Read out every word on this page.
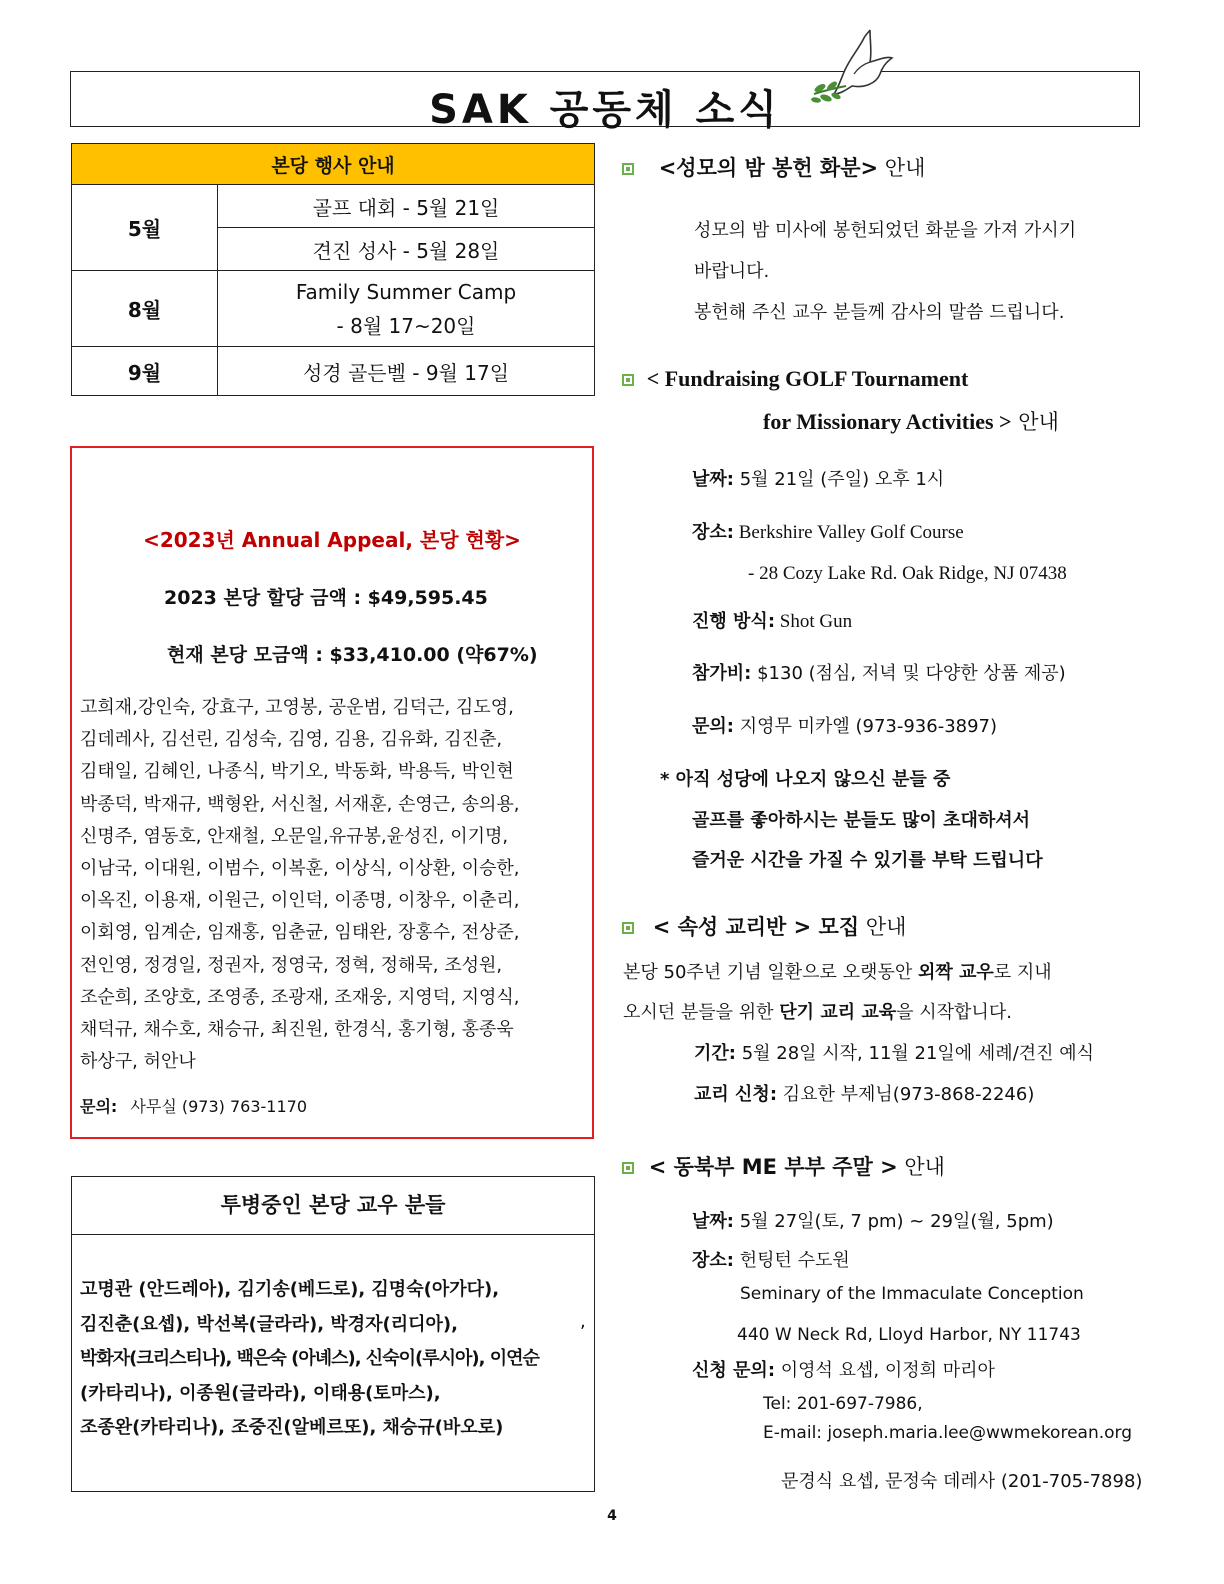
SAK 공동체 소식
본당 행사 안내	
5월	골프 대회 - 5월 21일
	견진 성사 - 5월 28일
8월	Family Summer Camp
- 8월 17~20일

9월	성경 골든벨 - 9월 17일
<2023년 Annual Appeal, 본당 현황>
2023 본당 할당 금액 : $49,595.45
현재 본당 모금액 : $33,410.00 (약67%)
고희재,강인숙, 강효구, 고영봉, 공운범, 김덕근, 김도영,
김데레사, 김선린, 김성숙, 김영, 김용, 김유화, 김진춘,
김태일, 김혜인, 나종식, 박기오, 박동화, 박용득, 박인현
박종덕, 박재규, 백형완, 서신철, 서재훈, 손영근, 송의용,
신명주, 염동호, 안재철, 오문일,유규봉,윤성진, 이기명,
이남국, 이대원, 이범수, 이복훈, 이상식, 이상환, 이승한,
이옥진, 이용재, 이원근, 이인덕, 이종명, 이창우, 이춘리,
이회영, 임계순, 임재홍, 임춘균, 임태완, 장홍수, 전상준,
전인영, 정경일, 정권자, 정영국, 정혁, 정해묵, 조성원,
조순희, 조양호, 조영종, 조광재, 조재웅, 지영덕, 지영식,
채덕규, 채수호, 채승규, 최진원, 한경식, 홍기형, 홍종욱
하상구, 허안나
문의: 사무실 (973) 763-1170
투병중인 본당 교우 분들
고명관 (안드레아), 김기송(베드로), 김명숙(아가다),
김진춘(요셉), 박선복(글라라), 박경자(리디아),
박화자(크리스티나), 백은숙 (아녜스), 신숙이(루시아), 이연순
(카타리나), 이종원(글라라), 이태용(토마스),
조종완(카타리나), 조중진(알베르또), 채승규(바오로)
,
<성모의 밤 봉헌 화분> 안내
성모의 밤 미사에 봉헌되었던 화분을 가져 가시기
바랍니다.
봉헌해 주신 교우 분들께 감사의 말씀 드립니다.
< Fundraising GOLF Tournament
for Missionary Activities > 안내
날짜: 5월 21일 (주일) 오후 1시
장소: Berkshire Valley Golf Course
- 28 Cozy Lake Rd. Oak Ridge, NJ 07438
진행 방식: Shot Gun
참가비: $130 (점심, 저녁 및 다양한 상품 제공)
문의: 지영무 미카엘 (973-936-3897)
* 아직 성당에 나오지 않으신 분들 중
골프를 좋아하시는 분들도 많이 초대하셔서
즐거운 시간을 가질 수 있기를 부탁 드립니다
< 속성 교리반 > 모집 안내
본당 50주년 기념 일환으로 오랫동안 외짝 교우로 지내
오시던 분들을 위한 단기 교리 교육을 시작합니다.
기간: 5월 28일 시작, 11월 21일에 세례/견진 예식
교리 신청: 김요한 부제님(973-868-2246)
< 동북부 ME 부부 주말 > 안내
날짜: 5월 27일(토, 7 pm) ~ 29일(월, 5pm)
장소: 헌팅턴 수도원
Seminary of the Immaculate Conception
440 W Neck Rd, Lloyd Harbor, NY 11743
신청 문의: 이영석 요셉, 이정희 마리아
Tel: 201-697-7986,
E-mail: joseph.maria.lee@wwmekorean.org
문경식 요셉, 문정숙 데레사 (201-705-7898)
4
